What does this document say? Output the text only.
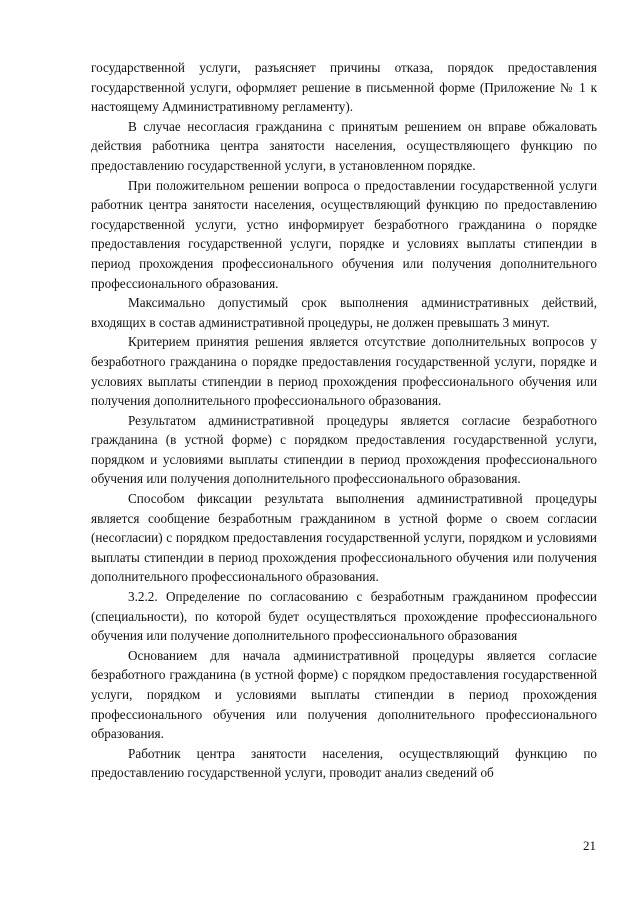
государственной услуги, разъясняет причины отказа, порядок предоставления государственной услуги, оформляет решение в письменной форме (Приложение № 1 к настоящему Административному регламенту).

В случае несогласия гражданина с принятым решением он вправе обжаловать действия работника центра занятости населения, осуществляющего функцию по предоставлению государственной услуги, в установленном порядке.

При положительном решении вопроса о предоставлении государственной услуги работник центра занятости населения, осуществляющий функцию по предоставлению государственной услуги, устно информирует безработного гражданина о порядке предоставления государственной услуги, порядке и условиях выплаты стипендии в период прохождения профессионального обучения или получения дополнительного профессионального образования.

Максимально допустимый срок выполнения административных действий, входящих в состав административной процедуры, не должен превышать 3 минут.

Критерием принятия решения является отсутствие дополнительных вопросов у безработного гражданина о порядке предоставления государственной услуги, порядке и условиях выплаты стипендии в период прохождения профессионального обучения или получения дополнительного профессионального образования.

Результатом административной процедуры является согласие безработного гражданина (в устной форме) с порядком предоставления государственной услуги, порядком и условиями выплаты стипендии в период прохождения профессионального обучения или получения дополнительного профессионального образования.

Способом фиксации результата выполнения административной процедуры является сообщение безработным гражданином в устной форме о своем согласии (несогласии) с порядком предоставления государственной услуги, порядком и условиями выплаты стипендии в период прохождения профессионального обучения или получения дополнительного профессионального образования.

3.2.2. Определение по согласованию с безработным гражданином профессии (специальности), по которой будет осуществляться прохождение профессионального обучения или получение дополнительного профессионального образования

Основанием для начала административной процедуры является согласие безработного гражданина (в устной форме) с порядком предоставления государственной услуги, порядком и условиями выплаты стипендии в период прохождения профессионального обучения или получения дополнительного профессионального образования.

Работник центра занятости населения, осуществляющий функцию по предоставлению государственной услуги, проводит анализ сведений об

21
